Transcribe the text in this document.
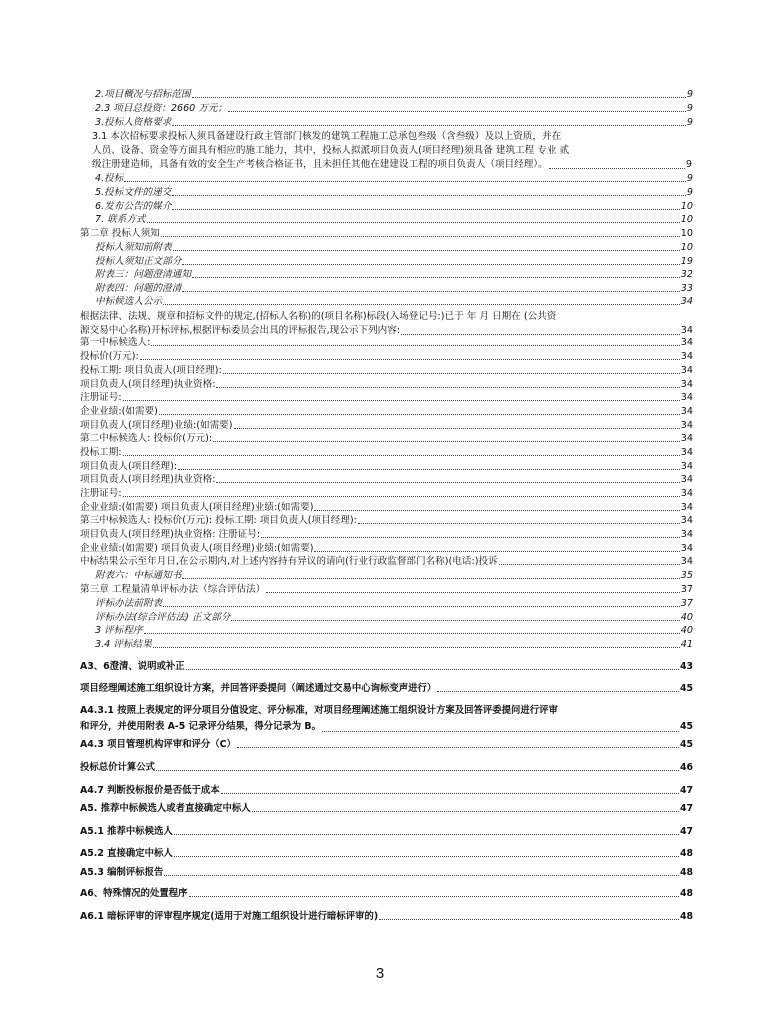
2.项目概况与招标范围	9
2.3 项目总投资：2660 万元；	9
3.投标人资格要求	9
3.1 本次招标要求投标人须具备建设行政主管部门核发的建筑工程施工总承包叁级（含叁级）及以上资质，并在
人员、设备、资金等方面具有相应的施工能力，其中，投标人拟派项目负责人(项目经理)须具备 建筑工程 专业 贰
级注册建造师，具备有效的安全生产考核合格证书，且未担任其他在建建设工程的项目负责人（项目经理）。	9
4.投标	9
5.投标文件的递交	9
6.发布公告的媒介	10
7. 联系方式	10
第二章 投标人须知	10
投标人须知前附表	10
投标人须知正文部分	19
附表三：问题澄清通知	32
附表四：问题的澄清	33
中标候选人公示	34
根据法律、法规、规章和招标文件的规定,(招标人名称)的(项目名称)标段(入场登记号:)已于 年 月 日期在 (公共资
源交易中心名称)开标评标,根据评标委员会出具的评标报告,现公示下列内容:	34
第一中标候选人:	34
投标价(万元):	34
投标工期: 项目负责人(项目经理):	34
项目负责人(项目经理)执业资格:	34
注册证号:	34
企业业绩:(如需要)	34
项目负责人(项目经理)业绩:(如需要)	34
第二中标候选人: 投标价(万元):	34
投标工期:	34
项目负责人(项目经理):	34
项目负责人(项目经理)执业资格:	34
注册证号:	34
企业业绩:(如需要) 项目负责人(项目经理)业绩:(如需要)	34
第三中标候选人: 投标价(万元): 投标工期: 项目负责人(项目经理):	34
项目负责人(项目经理)执业资格: 注册证号:	34
企业业绩:(如需要) 项目负责人(项目经理)业绩:(如需要)	34
中标结果公示至年月日,在公示期内,对上述内容持有异议的请向(行业行政监督部门名称)(电话:)投诉	34
附表六：中标通知书	35
第三章 工程量清单评标办法（综合评估法）	37
评标办法前附表	37
评标办法(综合评估法) 正文部分	40
3 评标程序	40
3.4 评标结果	41
A3、6澄清、说明或补正	43
项目经理阐述施工组织设计方案，并回答评委提问（阐述通过交易中心询标变声进行）	45
A4.3.1 按照上表规定的评分项目分值设定、评分标准，对项目经理阐述施工组织设计方案及回答评委提问进行评审
和评分，并使用附表 A-5 记录评分结果，得分记录为 B。	45
A4.3 项目管理机构评审和评分（C）	45
投标总价计算公式	46
A4.7 判断投标报价是否低于成本	47
A5. 推荐中标候选人或者直接确定中标人	47
A5.1 推荐中标候选人	47
A5.2 直接确定中标人	48
A5.3 编制评标报告	48
A6、特殊情况的处置程序	48
A6.1 暗标评审的评审程序规定(适用于对施工组织设计进行暗标评审的)	48
3
